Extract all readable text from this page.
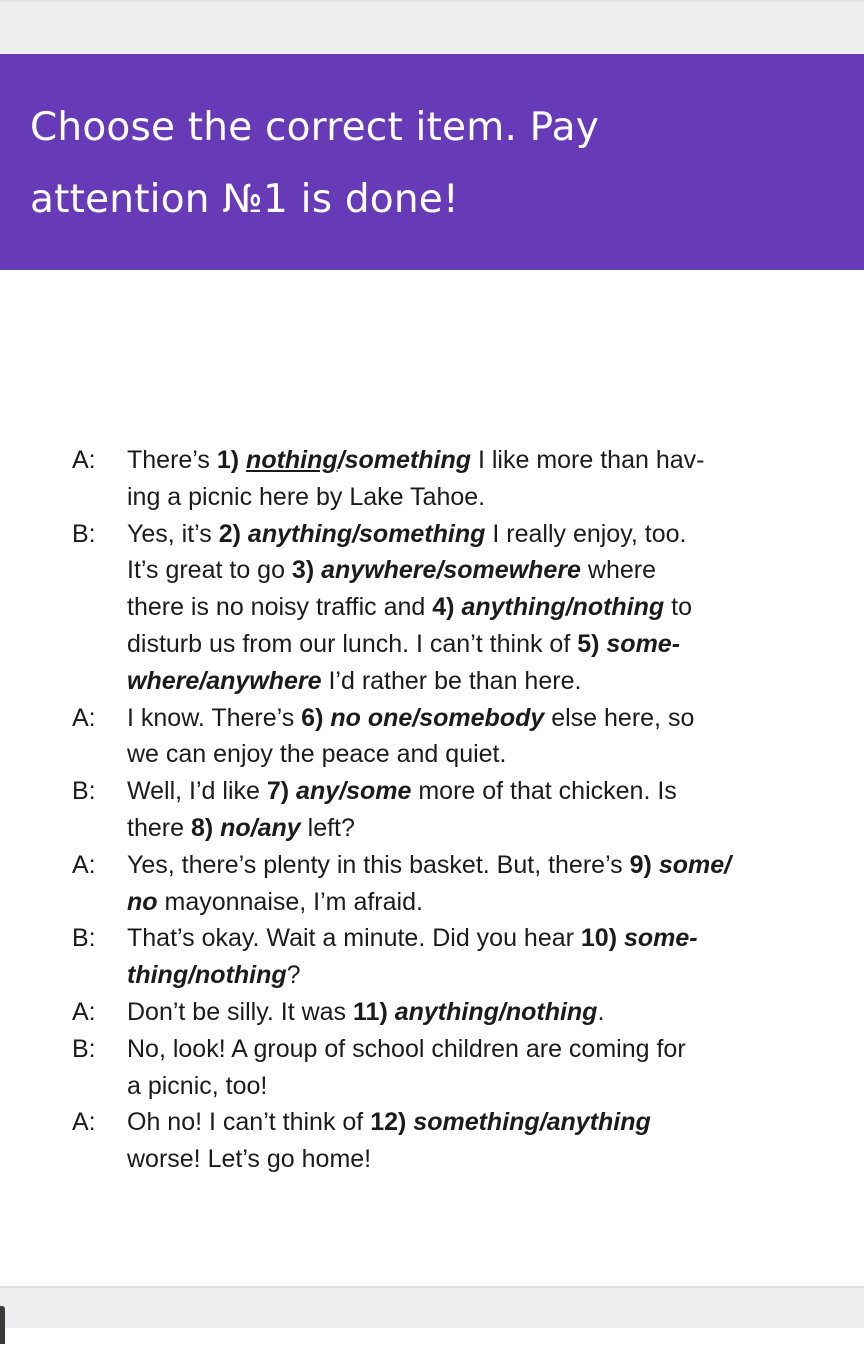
Choose the correct item. Pay
attention №1 is done!
A:	There’s 1) nothing/something I like more than hav-
ing a picnic here by Lake Tahoe.
B:	Yes, it’s 2) anything/something I really enjoy, too.
It’s great to go 3) anywhere/somewhere where
there is no noisy traffic and 4) anything/nothing to
disturb us from our lunch. I can’t think of 5) some-
where/anywhere I’d rather be than here.
A:	I know. There’s 6) no one/somebody else here, so
we can enjoy the peace and quiet.
B:	Well, I’d like 7) any/some more of that chicken. Is
there 8) no/any left?
A:	Yes, there’s plenty in this basket. But, there’s 9) some/
no mayonnaise, I’m afraid.
B:	That’s okay. Wait a minute. Did you hear 10) some-
thing/nothing?
A:	Don’t be silly. It was 11) anything/nothing.
B:	No, look! A group of school children are coming for
a picnic, too!
A:	Oh no! I can’t think of 12) something/anything
worse! Let’s go home!
